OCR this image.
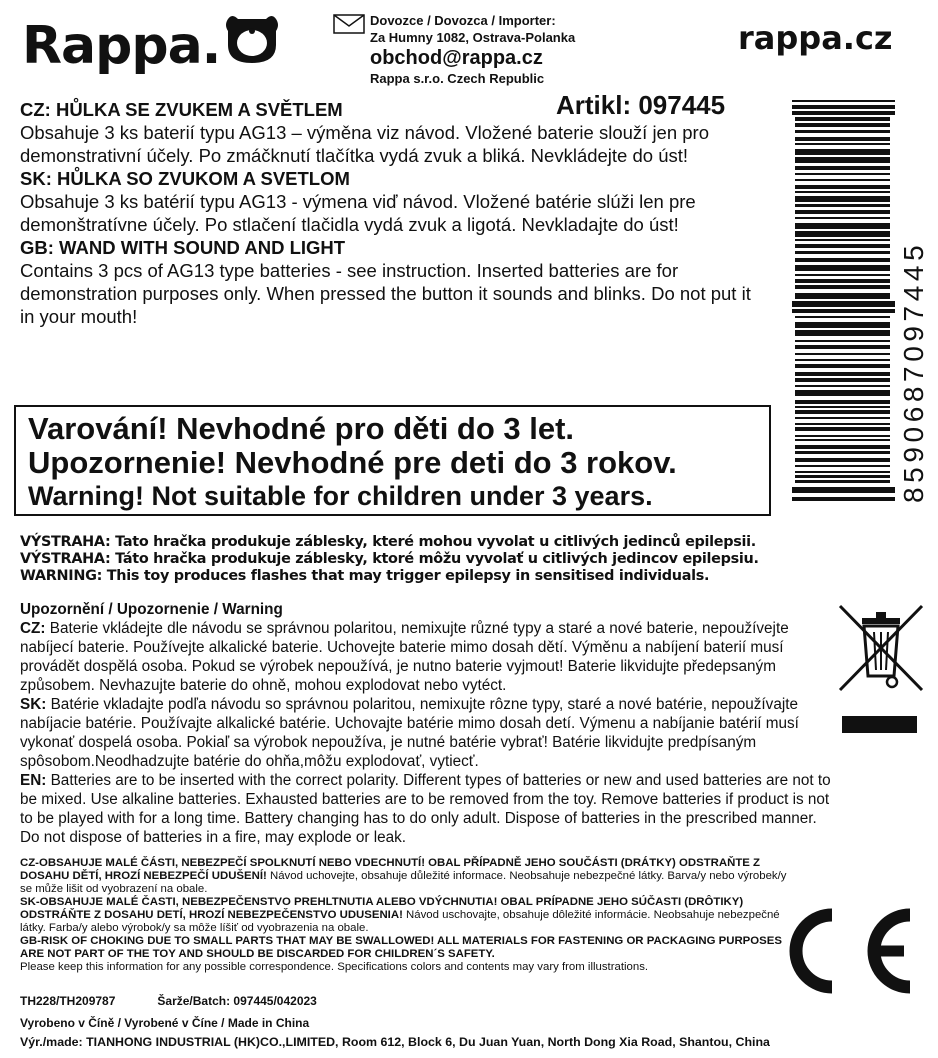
Rappa.	Dovozce / Dovozca / Importer:
Za Humny 1082, Ostrava-Polanka
obchod@rappa.cz
Rappa s.r.o. Czech Republic
rappa.cz
Artikl: 097445

CZ: HŮLKA SE ZVUKEM A SVĚTLEM

Obsahuje 3 ks baterií typu AG13 – výměna viz návod. Vložené baterie slouží jen pro demonstrativní účely. Po zmáčknutí tlačítka vydá zvuk a bliká. Nevkládejte do úst!

SK: HŮLKA SO ZVUKOM A SVETLOM

Obsahuje 3 ks batérií typu AG13 - výmena viď návod. Vložené batérie slúži len pre demonštratívne účely. Po stlačení tlačidla vydá zvuk a ligotá. Nevkladajte do úst!

GB: WAND WITH SOUND AND LIGHT

Contains 3 pcs of AG13 type batteries - see instruction. Inserted batteries are for demonstration purposes only. When pressed the button it sounds and blinks. Do not put it in your mouth!	8590687097445
Varování! Nevhodné pro děti do 3 let.
Upozornenie! Nevhodné pre deti do 3 rokov.
Warning! Not suitable for children under 3 years.
VÝSTRAHA: Tato hračka produkuje záblesky, které mohou vyvolat u citlivých jedinců epilepsii.
VÝSTRAHA: Táto hračka produkuje záblesky, ktoré môžu vyvolať u citlivých jedincov epilepsiu.
WARNING: This toy produces flashes that may trigger epilepsy in sensitised individuals.

Upozornění / Upozornenie / Warning

CZ: Baterie vkládejte dle návodu se správnou polaritou, nemixujte různé typy a staré a nové baterie, nepoužívejte nabíjecí baterie. Používejte alkalické baterie. Uchovejte baterie mimo dosah dětí. Výměnu a nabíjení baterií musí provádět dospělá osoba. Pokud se výrobek nepoužívá, je nutno baterie vyjmout! Baterie likvidujte předepsaným způsobem. Nevhazujte baterie do ohně, mohou explodovat nebo vytéct.

SK: Batérie vkladajte podľa návodu so správnou polaritou, nemixujte rôzne typy, staré a nové batérie, nepoužívajte nabíjacie batérie. Používajte alkalické batérie. Uchovajte batérie mimo dosah detí. Výmenu a nabíjanie batérií musí vykonať dospelá osoba. Pokiaľ sa výrobok nepoužíva, je nutné batérie vybrať! Batérie likvidujte predpísaným spôsobom.Neodhadzujte batérie do ohňa,môžu explodovať, vytiecť.

EN: Batteries are to be inserted with the correct polarity. Different types of batteries or new and used batteries are not to be mixed. Use alkaline batteries. Exhausted batteries are to be removed from the toy. Remove batteries if product is not to be played with for a long time. Battery changing has to do only adult. Dispose of batteries in the prescribed manner. Do not dispose of batteries in a fire, may explode or leak.

CZ-OBSAHUJE MALÉ ČÁSTI, NEBEZPEČÍ SPOLKNUTÍ NEBO VDECHNUTÍ! OBAL PŘÍPADNĚ JEHO SOUČÁSTI (DRÁTKY) ODSTRAŇTE Z DOSAHU DĚTÍ, HROZÍ NEBEZPEČÍ UDUŠENÍ! Návod uchovejte, obsahuje důležité informace. Neobsahuje nebezpečné látky. Barva/y nebo výrobek/y se může lišit od vyobrazení na obale.

SK-OBSAHUJE MALÉ ČASTI, NEBEZPEČENSTVO PREHLTNUTIA ALEBO VDÝCHNUTIA! OBAL PRÍPADNE JEHO SÚČASTI (DRÔTIKY) ODSTRÁŇTE Z DOSAHU DETÍ, HROZÍ NEBEZPEČENSTVO UDUSENIA! Návod uschovajte, obsahuje dôležité informácie. Neobsahuje nebezpečné látky. Farba/y alebo výrobok/y sa môže líšiť od vyobrazenia na obale.

GB-RISK OF CHOKING DUE TO SMALL PARTS THAT MAY BE SWALLOWED! ALL MATERIALS FOR FASTENING OR PACKAGING PURPOSES ARE NOT PART OF THE TOY AND SHOULD BE DISCARDED FOR CHILDREN´S SAFETY.

Please keep this information for any possible correspondence. Specifications colors and contents may vary from illustrations.

TH228/TH209787	Šarže/Batch: 097445/042023
Vyrobeno v Číně / Vyrobené v Číne / Made in China
Výr./made: TIANHONG INDUSTRIAL (HK)CO.,LIMITED, Room 612, Block 6, Du Juan Yuan, North Dong Xia Road, Shantou, China
